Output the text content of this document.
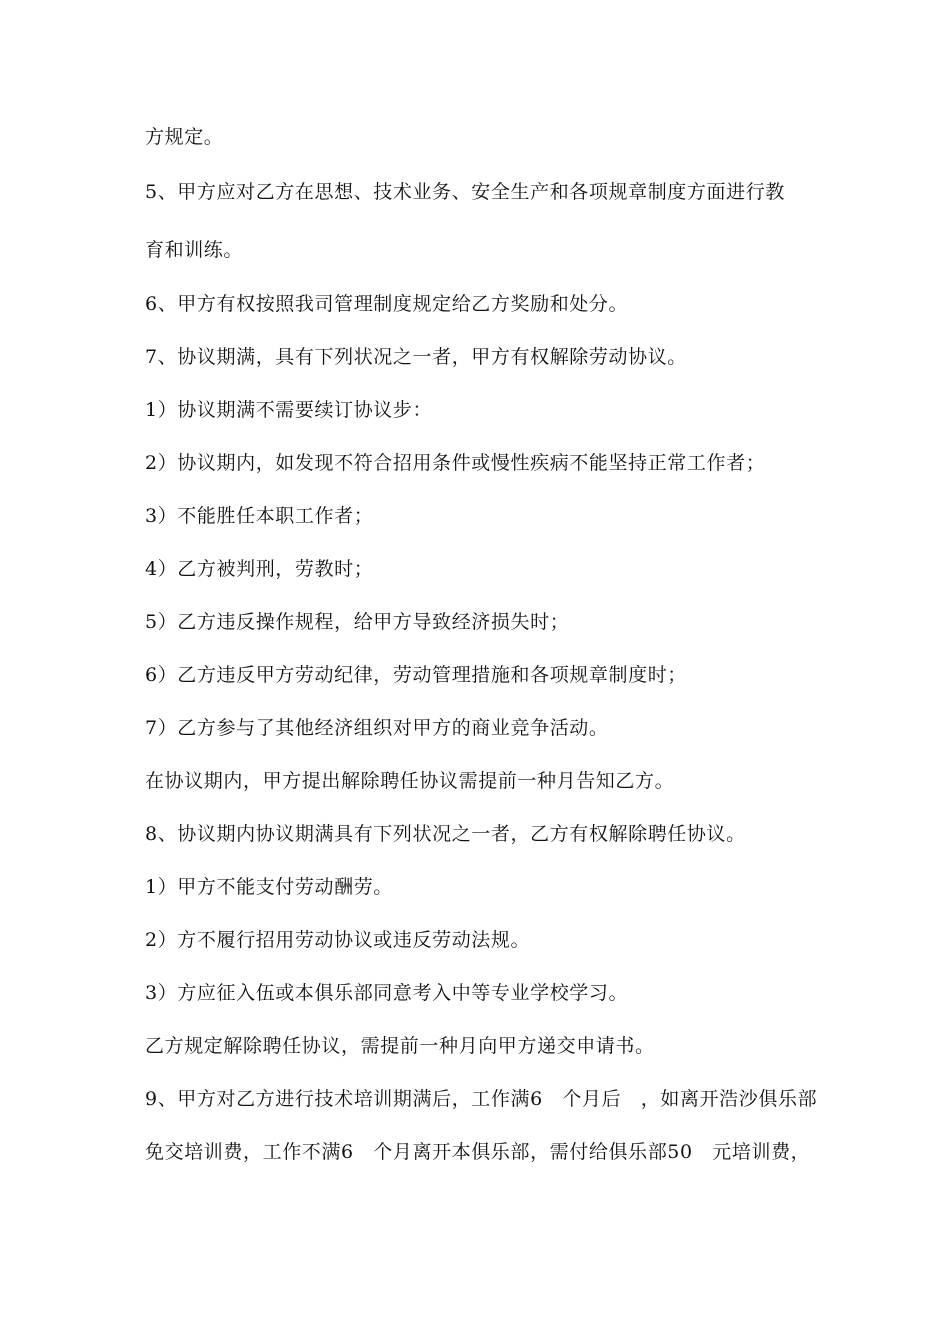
方规定。
5、甲方应对乙方在思想、技术业务、安全生产和各项规章制度方面进行教
育和训练。
6、甲方有权按照我司管理制度规定给乙方奖励和处分。
7、协议期满，具有下列状况之一者，甲方有权解除劳动协议。
1）协议期满不需要续订协议步：
2）协议期内，如发现不符合招用条件或慢性疾病不能坚持正常工作者；
3）不能胜任本职工作者；
4）乙方被判刑，劳教时；
5）乙方违反操作规程，给甲方导致经济损失时；
6）乙方违反甲方劳动纪律，劳动管理措施和各项规章制度时；
7）乙方参与了其他经济组织对甲方的商业竞争活动。
在协议期内，甲方提出解除聘任协议需提前一种月告知乙方。
8、协议期内协议期满具有下列状况之一者，乙方有权解除聘任协议。
1）甲方不能支付劳动酬劳。
2）方不履行招用劳动协议或违反劳动法规。
3）方应征入伍或本俱乐部同意考入中等专业学校学习。
乙方规定解除聘任协议，需提前一种月向甲方递交申请书。
9、甲方对乙方进行技术培训期满后，工作满6　个月后　，如离开浩沙俱乐部
免交培训费，工作不满6　个月离开本俱乐部，需付给俱乐部50　元培训费，
